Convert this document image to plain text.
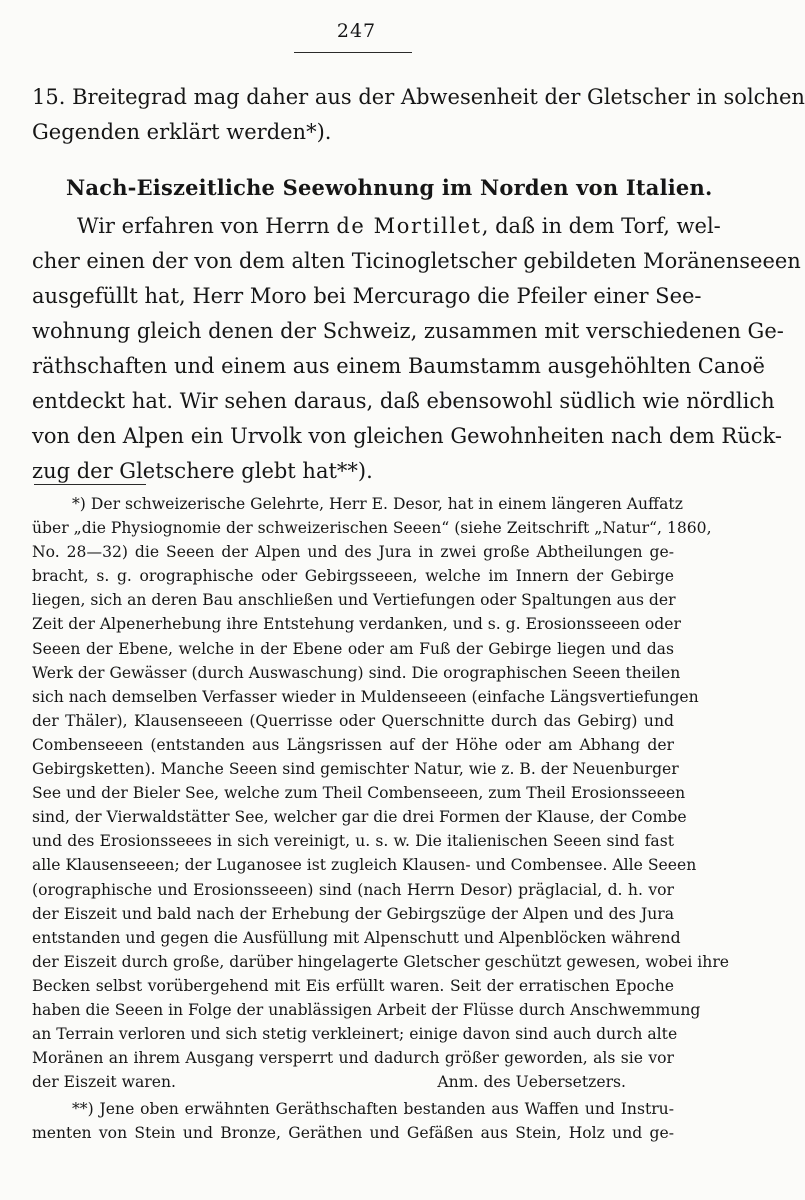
247
15. Breitegrad mag daher aus der Abwesenheit der Gletscher in solchen
Gegenden erklärt werden*).
Nach-Eiszeitliche Seewohnung im Norden von Italien.
Wir erfahren von Herrn de Mortillet, daß in dem Torf, wel-
cher einen der von dem alten Ticinogletscher gebildeten Moränenseeen
ausgefüllt hat, Herr Moro bei Mercurago die Pfeiler einer See-
wohnung gleich denen der Schweiz, zusammen mit verschiedenen Ge-
räthschaften und einem aus einem Baumstamm ausgehöhlten Canoë
entdeckt hat. Wir sehen daraus, daß ebensowohl südlich wie nördlich
von den Alpen ein Urvolk von gleichen Gewohnheiten nach dem Rück-
zug der Gletschere glebt hat**).
*) Der schweizerische Gelehrte, Herr E. Desor, hat in einem längeren Auffatz
über „die Physiognomie der schweizerischen Seeen“ (siehe Zeitschrift „Natur“, 1860,
No. 28—32) die Seeen der Alpen und des Jura in zwei große Abtheilungen ge-
bracht, s. g. orographische oder Gebirgsseeen, welche im Innern der Gebirge
liegen, sich an deren Bau anschließen und Vertiefungen oder Spaltungen aus der
Zeit der Alpenerhebung ihre Entstehung verdanken, und s. g. Erosionsseeen oder
Seeen der Ebene, welche in der Ebene oder am Fuß der Gebirge liegen und das
Werk der Gewässer (durch Auswaschung) sind. Die orographischen Seeen theilen
sich nach demselben Verfasser wieder in Muldenseeen (einfache Längsvertiefungen
der Thäler), Klausenseeen (Querrisse oder Querschnitte durch das Gebirg) und
Combenseeen (entstanden aus Längsrissen auf der Höhe oder am Abhang der
Gebirgsketten). Manche Seeen sind gemischter Natur, wie z. B. der Neuenburger
See und der Bieler See, welche zum Theil Combenseeen, zum Theil Erosionsseeen
sind, der Vierwaldstätter See, welcher gar die drei Formen der Klause, der Combe
und des Erosionsseees in sich vereinigt, u. s. w. Die italienischen Seeen sind fast
alle Klausenseeen; der Luganosee ist zugleich Klausen- und Combensee. Alle Seeen
(orographische und Erosionsseeen) sind (nach Herrn Desor) präglacial, d. h. vor
der Eiszeit und bald nach der Erhebung der Gebirgszüge der Alpen und des Jura
entstanden und gegen die Ausfüllung mit Alpenschutt und Alpenblöcken während
der Eiszeit durch große, darüber hingelagerte Gletscher geschützt gewesen, wobei ihre
Becken selbst vorübergehend mit Eis erfüllt waren. Seit der erratischen Epoche
haben die Seeen in Folge der unablässigen Arbeit der Flüsse durch Anschwemmung
an Terrain verloren und sich stetig verkleinert; einige davon sind auch durch alte
Moränen an ihrem Ausgang versperrt und dadurch größer geworden, als sie vor
der Eiszeit waren.	Anm. des Uebersetzers.
**) Jene oben erwähnten Geräthschaften bestanden aus Waffen und Instru-
menten von Stein und Bronze, Geräthen und Gefäßen aus Stein, Holz und ge-
